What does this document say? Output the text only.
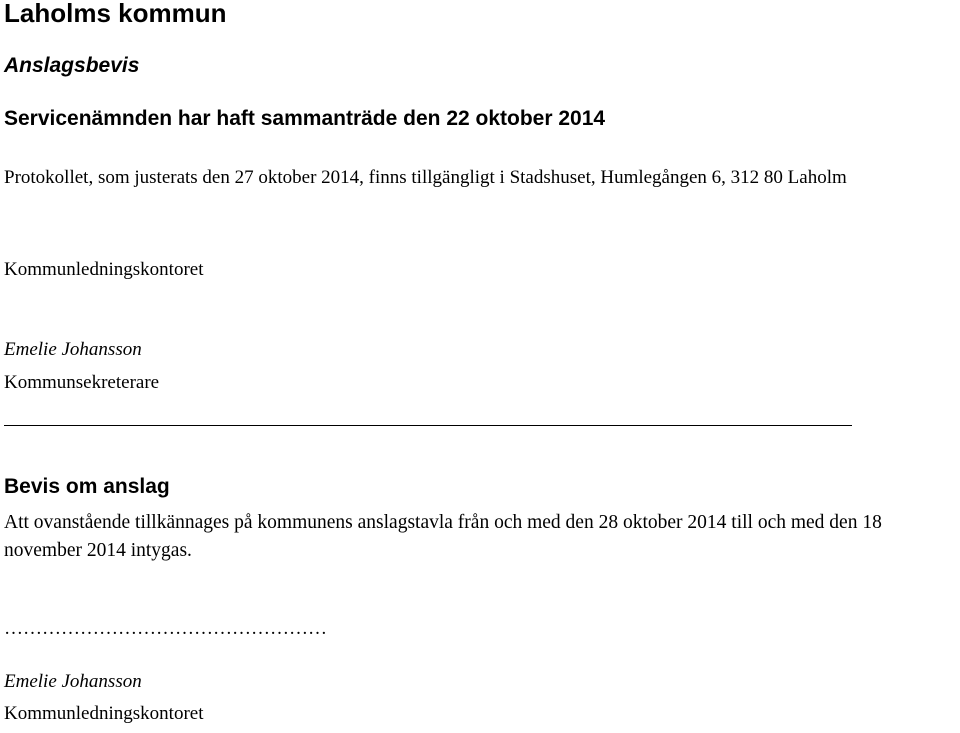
Laholms kommun
Anslagsbevis
Servicenämnden har haft sammanträde den 22 oktober 2014

Protokollet, som justerats den 27 oktober 2014, finns tillgängligt i Stadshuset, Humlegången 6, 312 80 Laholm

Kommunledningskontoret
Emelie Johansson
Kommunsekreterare
Bevis om anslag

Att ovanstående tillkännages på kommunens anslagstavla från och med den 28 oktober 2014 till och med den 18 november 2014 intygas.

……………………………………………
Emelie Johansson
Kommunledningskontoret
